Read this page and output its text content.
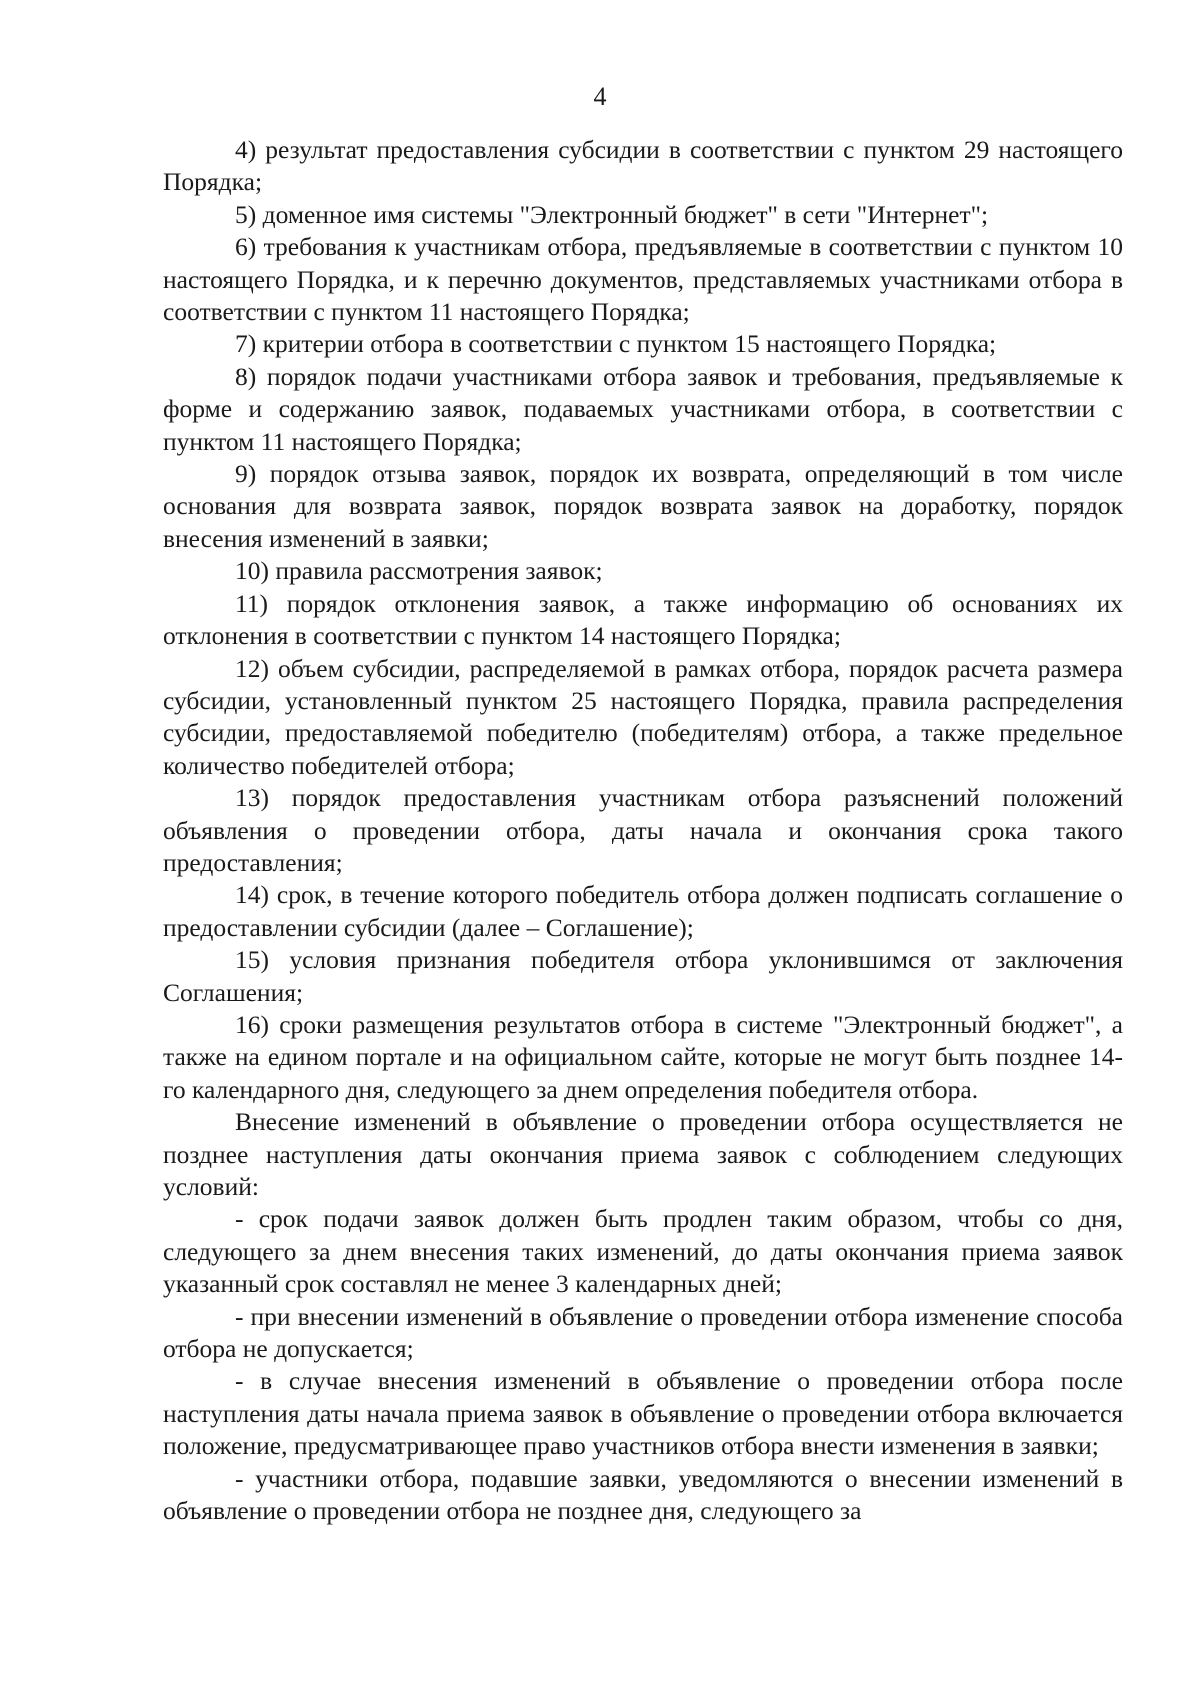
4

4) результат предоставления субсидии в соответствии с пунктом 29 настоящего Порядка;

5) доменное имя системы "Электронный бюджет" в сети "Интернет";

6) требования к участникам отбора, предъявляемые в соответствии с пунктом 10 настоящего Порядка, и к перечню документов, представляемых участниками отбора в соответствии с пунктом 11 настоящего Порядка;

7) критерии отбора в соответствии с пунктом 15 настоящего Порядка;

8) порядок подачи участниками отбора заявок и требования, предъявляемые к форме и содержанию заявок, подаваемых участниками отбора, в соответствии с пунктом 11 настоящего Порядка;

9) порядок отзыва заявок, порядок их возврата, определяющий в том числе основания для возврата заявок, порядок возврата заявок на доработку, порядок внесения изменений в заявки;

10) правила рассмотрения заявок;

11) порядок отклонения заявок, а также информацию об основаниях их отклонения в соответствии с пунктом 14 настоящего Порядка;

12) объем субсидии, распределяемой в рамках отбора, порядок расчета размера субсидии, установленный пунктом 25 настоящего Порядка, правила распределения субсидии, предоставляемой победителю (победителям) отбора, а также предельное количество победителей отбора;

13) порядок предоставления участникам отбора разъяснений положений объявления о проведении отбора, даты начала и окончания срока такого предоставления;

14) срок, в течение которого победитель отбора должен подписать соглашение о предоставлении субсидии (далее – Соглашение);

15) условия признания победителя отбора уклонившимся от заключения Соглашения;

16) сроки размещения результатов отбора в системе "Электронный бюджет", а также на едином портале и на официальном сайте, которые не могут быть позднее 14-го календарного дня, следующего за днем определения победителя отбора.

Внесение изменений в объявление о проведении отбора осуществляется не позднее наступления даты окончания приема заявок с соблюдением следующих условий:

- срок подачи заявок должен быть продлен таким образом, чтобы со дня, следующего за днем внесения таких изменений, до даты окончания приема заявок указанный срок составлял не менее 3 календарных дней;

- при внесении изменений в объявление о проведении отбора изменение способа отбора не допускается;

- в случае внесения изменений в объявление о проведении отбора после наступления даты начала приема заявок в объявление о проведении отбора включается положение, предусматривающее право участников отбора внести изменения в заявки;

- участники отбора, подавшие заявки, уведомляются о внесении изменений в объявление о проведении отбора не позднее дня, следующего за
